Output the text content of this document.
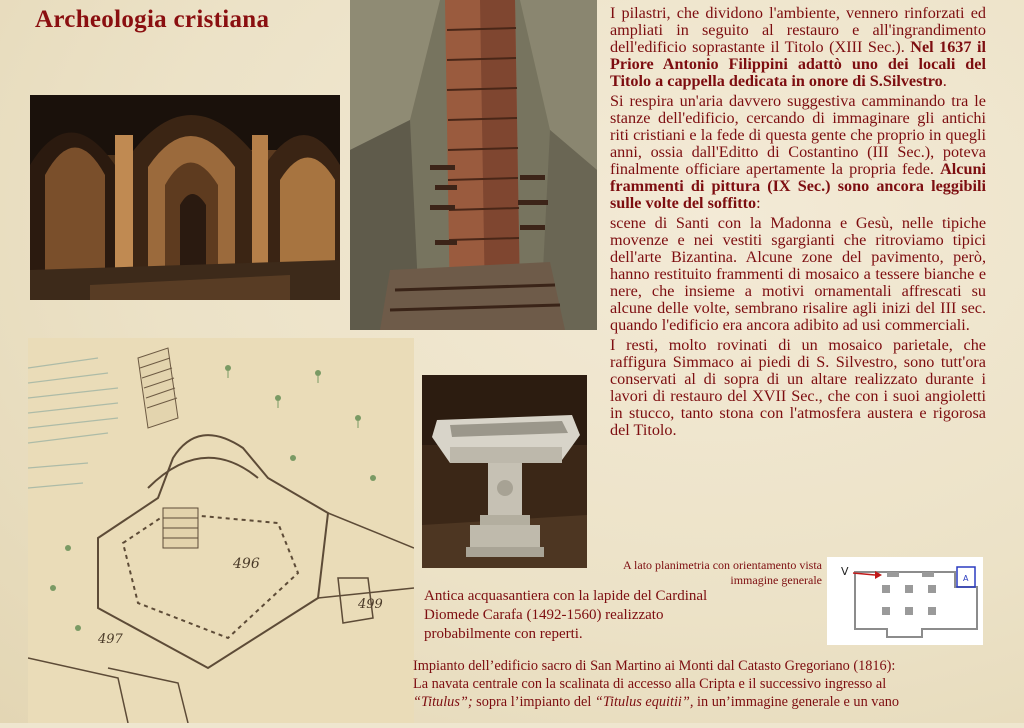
Archeologia cristiana
496
499
497

I pilastri, che dividono l'ambiente, vennero rinforzati ed ampliati in seguito al restauro e all'ingrandimento dell'edificio soprastante il Titolo (XIII Sec.). Nel 1637 il Priore Antonio Filippini adattò uno dei locali del Titolo a cappella dedicata in onore di S.Silvestro.

Si respira un'aria davvero suggestiva camminando tra le stanze dell'edificio, cercando di immaginare gli antichi riti cristiani e la fede di questa gente che proprio in quegli anni, ossia dall'Editto di Costantino (III Sec.), poteva finalmente officiare apertamente la propria fede. Alcuni frammenti di pittura (IX Sec.) sono ancora leggibili sulle volte del soffitto:

scene di Santi con la Madonna e Gesù, nelle tipiche movenze e nei vestiti sgargianti che ritroviamo tipici dell'arte Bizantina. Alcune zone del pavimento, però, hanno restituito frammenti di mosaico a tessere bianche e nere, che insieme a motivi ornamentali affrescati su alcune delle volte, sembrano risalire agli inizi del III sec. quando l'edificio era ancora adibito ad usi commerciali.

I resti, molto rovinati di un mosaico parietale, che raffigura Simmaco ai piedi di S. Silvestro, sono tutt'ora conservati al di sopra di un altare realizzato durante i lavori di restauro del XVII Sec., che con i suoi angioletti in stucco, tanto stona con l'atmosfera austera e rigorosa del Titolo.

A lato planimetria con orientamento vista
immagine generale	A
V
Antica acquasantiera con la lapide del Cardinal Diomede Carafa (1492-1560) realizzato probabilmente con reperti.
Impianto dell’edificio sacro di San Martino ai Monti dal Catasto Gregoriano (1816):
La navata centrale con la scalinata di accesso alla Cripta e il successivo ingresso al
“Titulus”; sopra l’impianto del “Titulus equitii”, in un’immagine generale e un vano
